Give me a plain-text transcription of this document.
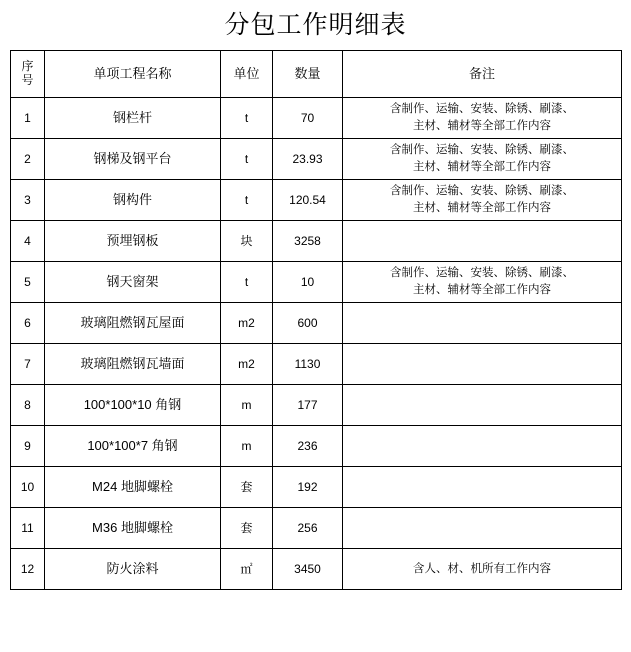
分包工作明细表
序
号	单项工程名称	单位	数量	备注
1	钢栏杆	t	70	含制作、运输、安装、除锈、刷漆、
主材、辅材等全部工作内容

2	钢梯及钢平台	t	23.93	含制作、运输、安装、除锈、刷漆、
主材、辅材等全部工作内容

3	钢构件	t	120.54	含制作、运输、安装、除锈、刷漆、
主材、辅材等全部工作内容

4	预埋钢板	块	3258	
5	钢天窗架	t	10	含制作、运输、安装、除锈、刷漆、
主材、辅材等全部工作内容

6	玻璃阻燃钢瓦屋面	m2	600	
7	玻璃阻燃钢瓦墙面	m2	1130	
8	100*100*10 角钢	m	177	
9	100*100*7 角钢	m	236	
10	M24 地脚螺栓	套	192	
11	M36 地脚螺栓	套	256	
12	防火涂料	㎡	3450	含人、材、机所有工作内容
